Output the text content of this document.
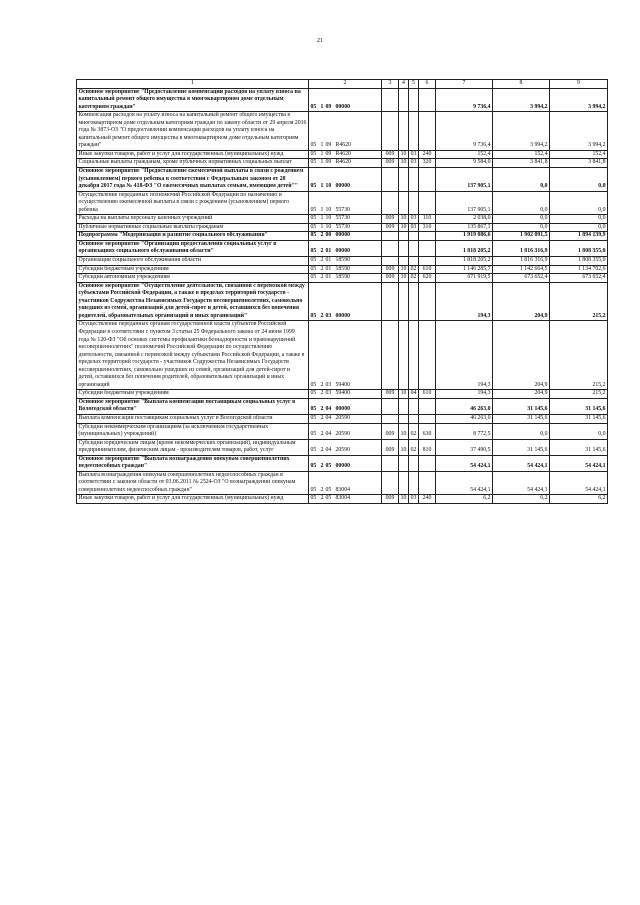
21
1	2	3	4	5	6	7	8	9
Основное мероприятие "Предоставление компенсации расходов на уплату взноса на капитальный ремонт общего имущества в многоквартирном доме отдельным категориям граждан"	05 1 09 00000					9 736,4	3 994,2	3 994,2
Компенсация расходов на уплату взноса на капитальный ремонт общего имущества в многоквартирном доме отдельным категориям граждан по закону области от 29 апреля 2016 года № 3873-ОЗ "О предоставлении компенсации расходов на уплату взноса на капитальный ремонт общего имущества в многоквартирном доме отдельным категориям граждан"	05 1 09 R4620					9 736,4	3 994,2	3 994,2
Иные закупки товаров, работ и услуг для государственных (муниципальных) нужд	05 1 09 R4620	009	10	03	240	152,4	152,4	152,4
Социальные выплаты гражданам, кроме публичных нормативных социальных выплат	05 1 09 R4620	009	10	03	320	9 584,0	3 841,8	3 841,8
Основное мероприятие "Предоставление ежемесячной выплаты в связи с рождением (усыновлением) первого ребенка в соответствии с Федеральным законом от 28 декабря 2017 года № 418-ФЗ "О ежемесячных выплатах семьям, имеющим детей""	05 1 10 00000					137 905,1	0,0	0,0
Осуществление переданных полномочий Российской Федерации по назначению и осуществлению ежемесячной выплаты в связи с рождением (усыновлением) первого ребенка	05 1 10 55730					137 905,1	0,0	0,0
Расходы на выплаты персоналу казенных учреждений	05 1 10 55730	009	10	03	110	2 038,0	0,0	0,0
Публичные нормативные социальные выплаты гражданам	05 1 10 55730	009	10	03	310	135 867,1	0,0	0,0
Подпрограмма "Модернизация и развитие социального обслуживания"	05 2 00 00000					1 919 086,6	1 902 091,5	1 894 139,9
Основное мероприятие "Организация предоставления социальных услуг в организациях социального обслуживания области"	05 2 01 00000					1 818 205,2	1 816 316,9	1 808 355,0
Организации социального обслуживания области	05 2 01 18590					1 818 205,2	1 816 316,9	1 808 355,0
Субсидии бюджетным учреждениям	05 2 01 18590	009	10	02	610	1 146 285,7	1 142 664,5	1 134 702,6
Субсидии автономным учреждениям	05 2 01 18590	009	10	02	620	671 919,5	673 652,4	673 652,4
Основное мероприятие "Осуществление деятельности, связанной с перевозкой между субъектами Российской Федерации, а также в пределах территорий государств - участников Содружества Независимых Государств несовершеннолетних, самовольно ушедших из семей, организаций для детей-сирот и детей, оставшихся без попечения родителей, образовательных организаций и иных организаций"	05 2 03 00000					194,3	204,9	215,2
Осуществление переданных органам государственной власти субъектов Российской Федерации в соответствии с пунктом 3 статьи 25 Федерального закона от 24 июня 1999 года № 120-ФЗ "Об основах системы профилактики безнадзорности и правонарушений несовершеннолетних" полномочий Российской Федерации по осуществлению деятельности, связанной с перевозкой между субъектами Российской Федерации, а также в пределах территорий государств - участников Содружества Независимых Государств несовершеннолетних, самовольно ушедших из семей, организаций для детей-сирот и детей, оставшихся без попечения родителей, образовательных организаций и иных организаций	05 2 03 59400					194,3	204,9	215,2
Субсидии бюджетным учреждениям	05 2 03 59400	009	10	04	610	194,3	204,9	215,2
Основное мероприятие "Выплата компенсации поставщикам социальных услуг в Вологодской области"	05 2 04 00000					46 263,0	31 145,6	31 145,6
Выплата компенсации поставщикам социальных услуг в Вологодской области	05 2 04 20590					46 263,0	31 145,6	31 145,6
Субсидии некоммерческим организациям (за исключением государственных (муниципальных) учреждений)	05 2 04 20590	009	10	02	630	8 772,5	0,0	0,0
Субсидии юридическим лицам (кроме некоммерческих организаций), индивидуальным предпринимателям, физическим лицам - производителям товаров, работ, услуг	05 2 04 20590	009	10	02	810	37 490,5	31 145,6	31 145,6
Основное мероприятие "Выплата вознаграждения опекунам совершеннолетних недееспособных граждан"	05 2 05 00000					54 424,1	54 424,1	54 424,1
Выплата вознаграждения опекунам совершеннолетних недееспособных граждан в соответствии с законом области от 03.06.2011 № 2524-ОЗ "О вознаграждении опекунам совершеннолетних недееспособных граждан"	05 2 05 83004					54 424,1	54 424,1	54 424,1
Иные закупки товаров, работ и услуг для государственных (муниципальных) нужд	05 2 05 83004	009	10	03	240	6,2	6,2	6,2
